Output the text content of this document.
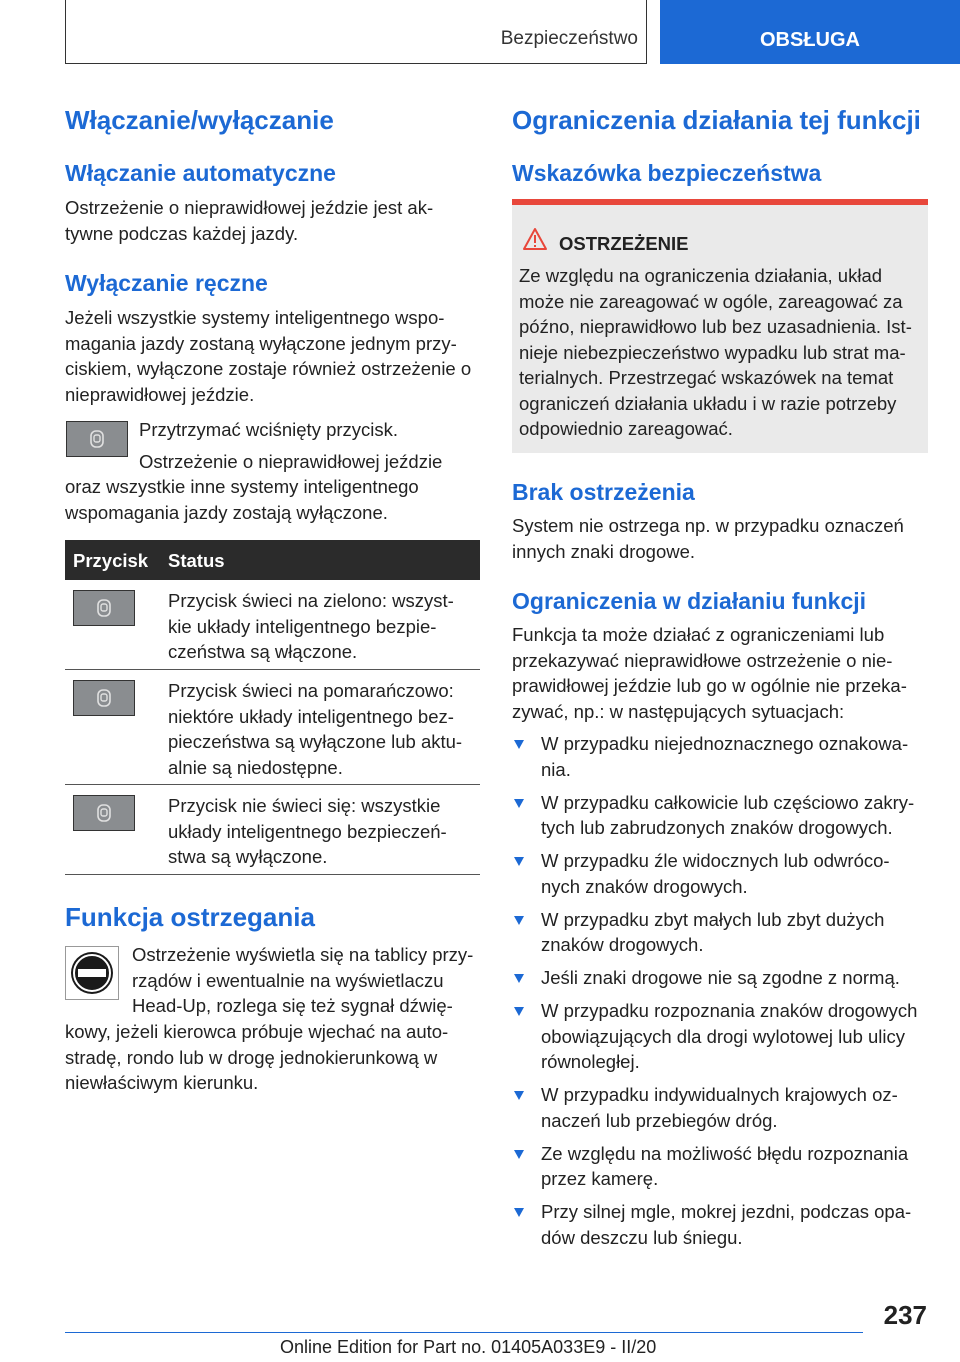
Bezpieczeństwo	OBSŁUGA
Włączanie/wyłączanie
Włączanie automatyczne
Ostrzeżenie o nieprawidłowej jeździe jest ak-
tywne podczas każdej jazdy.
Wyłączanie ręczne
Jeżeli wszystkie systemy inteligentnego wspo-
magania jazdy zostaną wyłączone jednym przy-
ciskiem, wyłączone zostaje również ostrzeżenie o
nieprawidłowej jeździe.
Przytrzymać wciśnięty przycisk.
Ostrzeżenie o nieprawidłowej jeździe
oraz wszystkie inne systemy inteligentnego
wspomagania jazdy zostają wyłączone.
Przycisk Status
Przycisk świeci na zielono: wszyst-
kie układy inteligentnego bezpie-
czeństwa są włączone.
Przycisk świeci na pomarańczowo:
niektóre układy inteligentnego bez-
pieczeństwa są wyłączone lub aktu-
alnie są niedostępne.
Przycisk nie świeci się: wszystkie
układy inteligentnego bezpieczeń-
stwa są wyłączone.
Funkcja ostrzegania
Ostrzeżenie wyświetla się na tablicy przy-
rządów i ewentualnie na wyświetlaczu
Head-Up, rozlega się też sygnał dźwię-
kowy, jeżeli kierowca próbuje wjechać na auto-
stradę, rondo lub w drogę jednokierunkową w
niewłaściwym kierunku.
Ograniczenia działania tej funkcji
Wskazówka bezpieczeństwa
OSTRZEŻENIE
Ze względu na ograniczenia działania, układ
może nie zareagować w ogóle, zareagować za
późno, nieprawidłowo lub bez uzasadnienia. Ist-
nieje niebezpieczeństwo wypadku lub strat ma-
terialnych. Przestrzegać wskazówek na temat
ograniczeń działania układu i w razie potrzeby
odpowiednio zareagować.
Brak ostrzeżenia
System nie ostrzega np. w przypadku oznaczeń
innych znaki drogowe.
Ograniczenia w działaniu funkcji
Funkcja ta może działać z ograniczeniami lub
przekazywać nieprawidłowe ostrzeżenie o nie-
prawidłowej jeździe lub go w ogólnie nie przeka-
zywać, np.: w następujących sytuacjach:
W przypadku niejednoznacznego oznakowa-
nia.
W przypadku całkowicie lub częściowo zakry-
tych lub zabrudzonych znaków drogowych.
W przypadku źle widocznych lub odwróco-
nych znaków drogowych.
W przypadku zbyt małych lub zbyt dużych
znaków drogowych.
Jeśli znaki drogowe nie są zgodne z normą.
W przypadku rozpoznania znaków drogowych
obowiązujących dla drogi wylotowej lub ulicy
równoległej.
W przypadku indywidualnych krajowych oz-
naczeń lub przebiegów dróg.
Ze względu na możliwość błędu rozpoznania
przez kamerę.
Przy silnej mgle, mokrej jezdni, podczas opa-
dów deszczu lub śniegu.
237
Online Edition for Part no. 01405A033E9 - II/20
